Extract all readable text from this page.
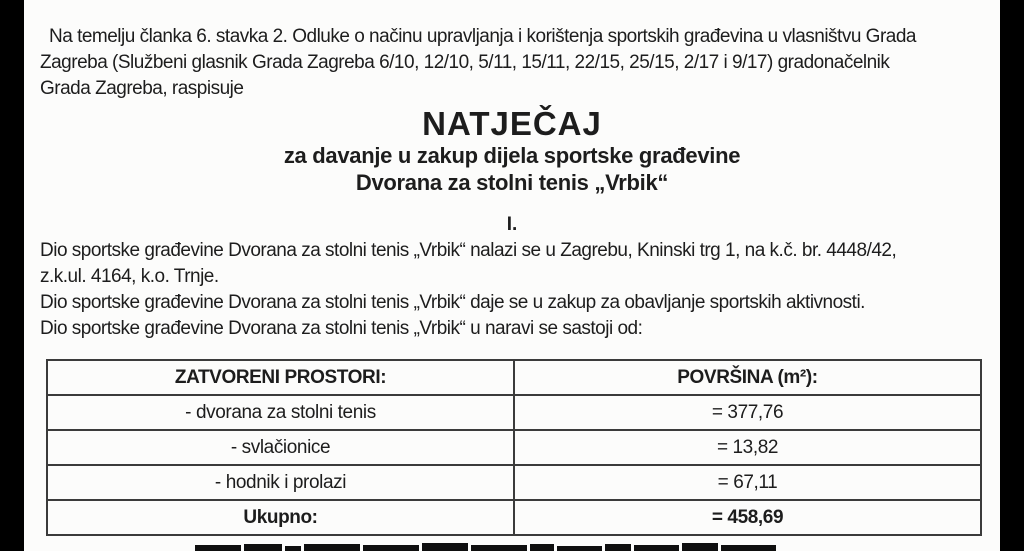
Na temelju članka 6. stavka 2. Odluke o načinu upravljanja i korištenja sportskih građevina u vlasništvu Grada
Zagreba (Službeni glasnik Grada Zagreba 6/10, 12/10, 5/11, 15/11, 22/15, 25/15, 2/17 i 9/17) gradonačelnik
Grada Zagreba, raspisuje
NATJEČAJ
za davanje u zakup dijela sportske građevine
Dvorana za stolni tenis „Vrbik“
I.
Dio sportske građevine Dvorana za stolni tenis „Vrbik“ nalazi se u Zagrebu, Kninski trg 1, na k.č. br. 4448/42,
z.k.ul. 4164, k.o. Trnje.
Dio sportske građevine Dvorana za stolni tenis „Vrbik“ daje se u zakup za obavljanje sportskih aktivnosti.
Dio sportske građevine Dvorana za stolni tenis „Vrbik“ u naravi se sastoji od:
ZATVORENI PROSTORI:	POVRŠINA (m²):
- dvorana za stolni tenis	= 377,76
- svlačionice	= 13,82
- hodnik i prolazi	= 67,11
Ukupno:	= 458,69
